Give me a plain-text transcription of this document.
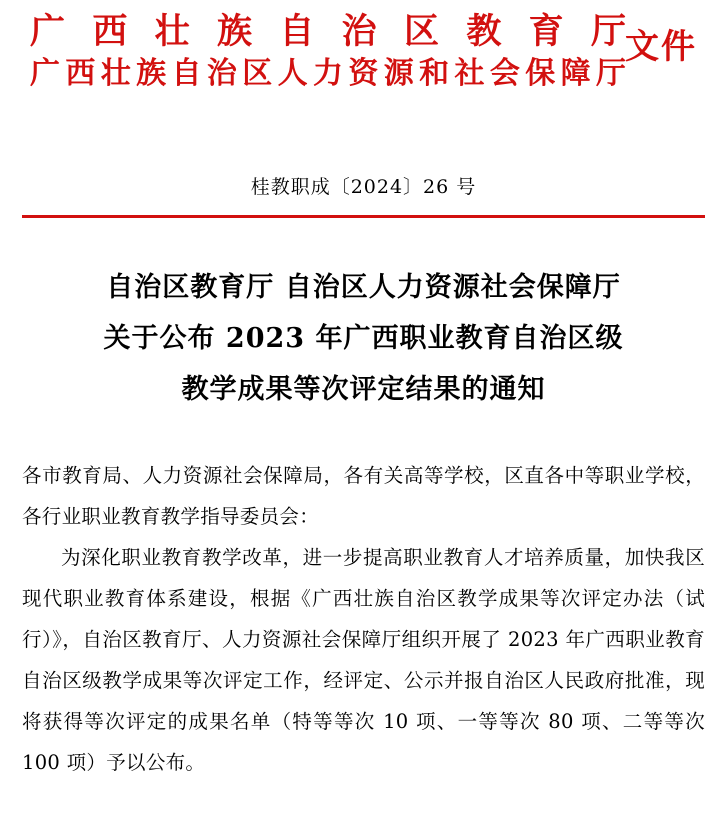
广西壮族自治区教育厅
广西壮族自治区人力资源和社会保障厅
文件
桂教职成〔2024〕26 号
自治区教育厅 自治区人力资源社会保障厅
关于公布 2023 年广西职业教育自治区级
教学成果等次评定结果的通知

各市教育局、人力资源社会保障局，各有关高等学校，区直各中等职业学校，各行业职业教育教学指导委员会：

为深化职业教育教学改革，进一步提高职业教育人才培养质量，加快我区现代职业教育体系建设，根据《广西壮族自治区教学成果等次评定办法（试行）》，自治区教育厅、人力资源社会保障厅组织开展了 2023 年广西职业教育自治区级教学成果等次评定工作，经评定、公示并报自治区人民政府批准，现将获得等次评定的成果名单（特等等次 10 项、一等等次 80 项、二等等次 100 项）予以公布。
